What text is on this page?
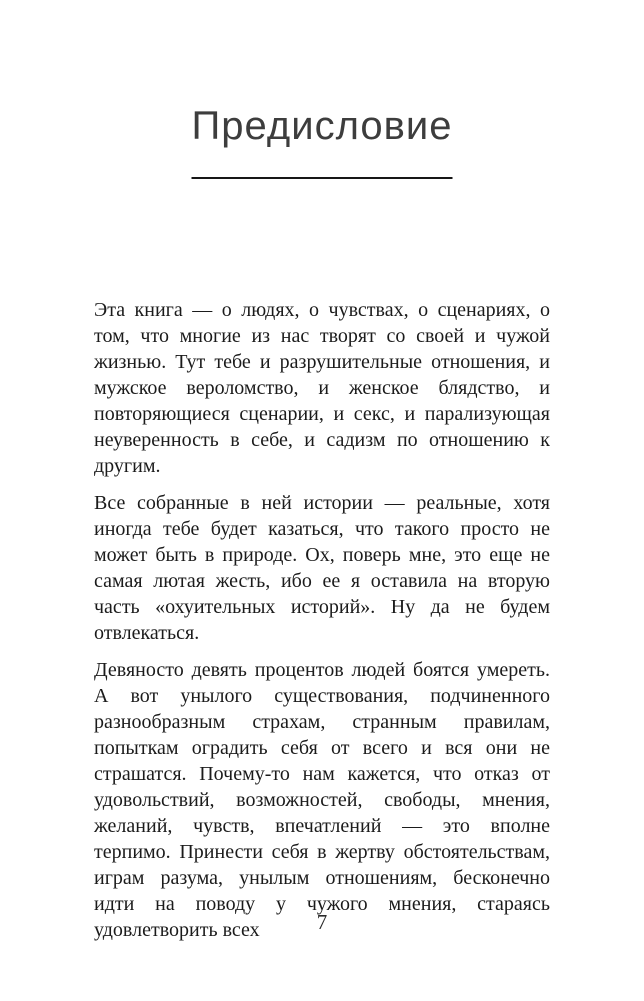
Предисловие

Эта книга — о людях, о чувствах, о сценариях, о том, что многие из нас творят со своей и чужой жизнью. Тут тебе и разрушительные отношения, и мужское вероломство, и женское блядство, и повторяющиеся сценарии, и секс, и парализующая неуверенность в себе, и садизм по отношению к другим.

Все собранные в ней истории — реальные, хотя иногда тебе будет казаться, что такого просто не может быть в природе. Ох, поверь мне, это еще не самая лютая жесть, ибо ее я оставила на вторую часть «охуительных историй». Ну да не будем отвлекаться.

Девяносто девять процентов людей боятся умереть. А вот унылого существования, подчиненного разнообразным страхам, странным правилам, попыткам оградить себя от всего и вся они не страшатся. Почему-то нам кажется, что отказ от удовольствий, возможностей, свободы, мнения, желаний, чувств, впечатлений — это вполне терпимо. Принести себя в жертву обстоятельствам, играм разума, унылым отношениям, бесконечно идти на поводу у чужого мнения, стараясь удовлетворить всех	7
